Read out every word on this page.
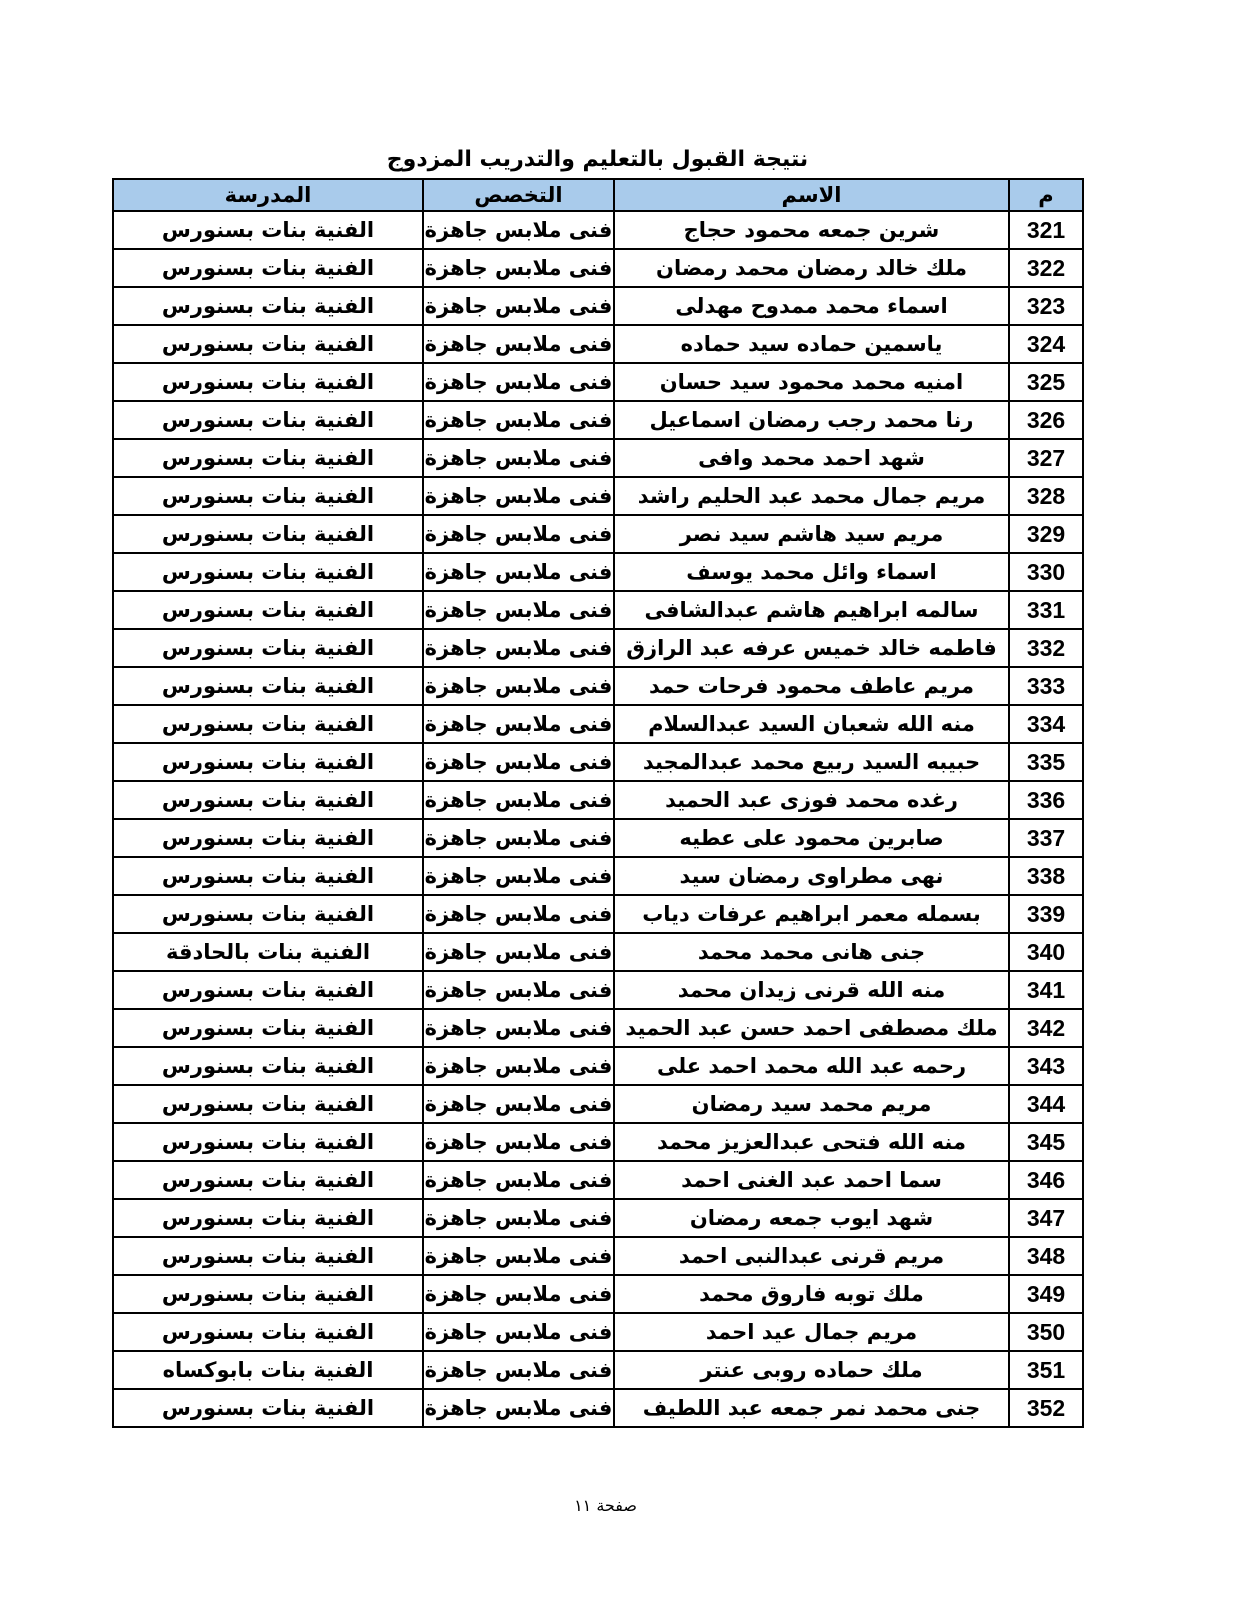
نتيجة القبول بالتعليم والتدريب المزدوج
م	الاسم	التخصص	المدرسة
321	شرين جمعه محمود حجاج	فنى ملابس جاهزة	الفنية بنات بسنورس
322	ملك خالد رمضان محمد رمضان	فنى ملابس جاهزة	الفنية بنات بسنورس
323	اسماء محمد ممدوح مهدلى	فنى ملابس جاهزة	الفنية بنات بسنورس
324	ياسمين حماده سيد حماده	فنى ملابس جاهزة	الفنية بنات بسنورس
325	امنيه محمد محمود سيد حسان	فنى ملابس جاهزة	الفنية بنات بسنورس
326	رنا محمد رجب رمضان اسماعيل	فنى ملابس جاهزة	الفنية بنات بسنورس
327	شهد احمد محمد وافى	فنى ملابس جاهزة	الفنية بنات بسنورس
328	مريم جمال محمد عبد الحليم راشد	فنى ملابس جاهزة	الفنية بنات بسنورس
329	مريم سيد هاشم سيد نصر	فنى ملابس جاهزة	الفنية بنات بسنورس
330	اسماء وائل محمد يوسف	فنى ملابس جاهزة	الفنية بنات بسنورس
331	سالمه ابراهيم هاشم عبدالشافى	فنى ملابس جاهزة	الفنية بنات بسنورس
332	فاطمه خالد خميس عرفه عبد الرازق	فنى ملابس جاهزة	الفنية بنات بسنورس
333	مريم عاطف محمود فرحات حمد	فنى ملابس جاهزة	الفنية بنات بسنورس
334	منه الله شعبان السيد عبدالسلام	فنى ملابس جاهزة	الفنية بنات بسنورس
335	حبيبه السيد ربيع محمد عبدالمجيد	فنى ملابس جاهزة	الفنية بنات بسنورس
336	رغده محمد فوزى عبد الحميد	فنى ملابس جاهزة	الفنية بنات بسنورس
337	صابرين محمود على عطيه	فنى ملابس جاهزة	الفنية بنات بسنورس
338	نهى مطراوى رمضان سيد	فنى ملابس جاهزة	الفنية بنات بسنورس
339	بسمله معمر ابراهيم عرفات دياب	فنى ملابس جاهزة	الفنية بنات بسنورس
340	جنى هانى محمد محمد	فنى ملابس جاهزة	الفنية بنات بالحادقة
341	منه الله قرنى زيدان محمد	فنى ملابس جاهزة	الفنية بنات بسنورس
342	ملك مصطفى احمد حسن عبد الحميد	فنى ملابس جاهزة	الفنية بنات بسنورس
343	رحمه عبد الله محمد احمد على	فنى ملابس جاهزة	الفنية بنات بسنورس
344	مريم محمد سيد رمضان	فنى ملابس جاهزة	الفنية بنات بسنورس
345	منه الله فتحى عبدالعزيز محمد	فنى ملابس جاهزة	الفنية بنات بسنورس
346	سما احمد عبد الغنى احمد	فنى ملابس جاهزة	الفنية بنات بسنورس
347	شهد ايوب جمعه رمضان	فنى ملابس جاهزة	الفنية بنات بسنورس
348	مريم قرنى عبدالنبى احمد	فنى ملابس جاهزة	الفنية بنات بسنورس
349	ملك توبه فاروق محمد	فنى ملابس جاهزة	الفنية بنات بسنورس
350	مريم جمال عيد احمد	فنى ملابس جاهزة	الفنية بنات بسنورس
351	ملك حماده روبى عنتر	فنى ملابس جاهزة	الفنية بنات بابوكساه
352	جنى محمد نمر جمعه عبد اللطيف	فنى ملابس جاهزة	الفنية بنات بسنورس
صفحة ١١
